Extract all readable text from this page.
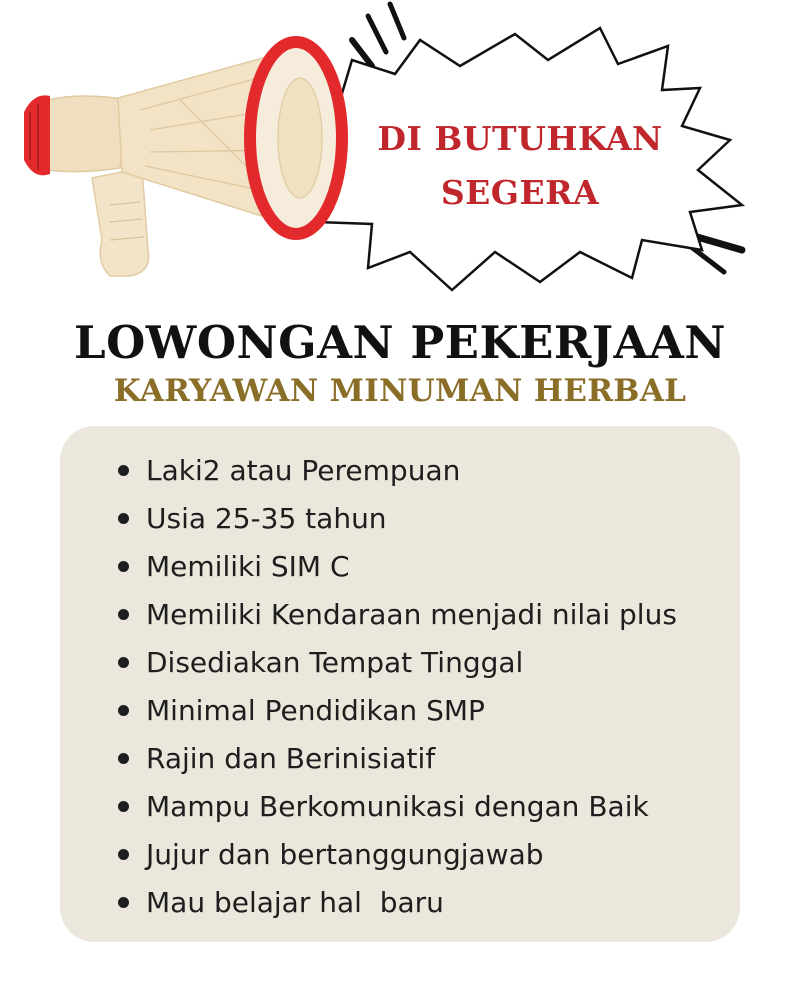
DI BUTUHKAN
SEGERA
LOWONGAN PEKERJAAN
KARYAWAN MINUMAN HERBAL
Laki2 atau Perempuan
Usia 25-35 tahun
Memiliki SIM C
Memiliki Kendaraan menjadi nilai plus
Disediakan Tempat Tinggal
Minimal Pendidikan SMP
Rajin dan Berinisiatif
Mampu Berkomunikasi dengan Baik
Jujur dan bertanggungjawab
Mau belajar hal  baru
